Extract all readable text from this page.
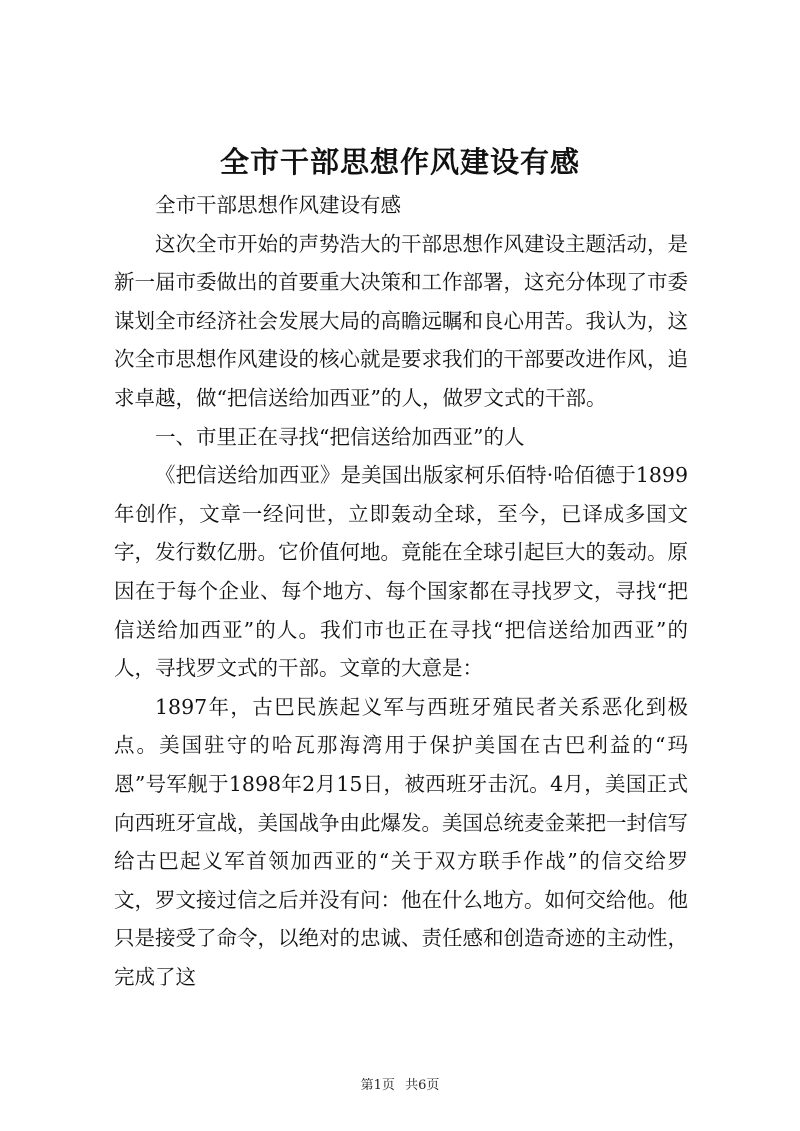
全市干部思想作风建设有感

全市干部思想作风建设有感

这次全市开始的声势浩大的干部思想作风建设主题活动，是新一届市委做出的首要重大决策和工作部署，这充分体现了市委谋划全市经济社会发展大局的高瞻远瞩和良心用苦。我认为，这次全市思想作风建设的核心就是要求我们的干部要改进作风，追求卓越，做“把信送给加西亚”的人，做罗文式的干部。

一、市里正在寻找“把信送给加西亚”的人

《把信送给加西亚》是美国出版家柯乐佰特·哈佰德于1899年创作，文章一经问世，立即轰动全球，至今，已译成多国文字，发行数亿册。它价值何地。竟能在全球引起巨大的轰动。原因在于每个企业、每个地方、每个国家都在寻找罗文，寻找“把信送给加西亚”的人。我们市也正在寻找“把信送给加西亚”的人，寻找罗文式的干部。文章的大意是：

1897年，古巴民族起义军与西班牙殖民者关系恶化到极点。美国驻守的哈瓦那海湾用于保护美国在古巴利益的“玛恩”号军舰于1898年2月15日，被西班牙击沉。4月，美国正式向西班牙宣战，美国战争由此爆发。美国总统麦金莱把一封信写给古巴起义军首领加西亚的“关于双方联手作战”的信交给罗文，罗文接过信之后并没有问：他在什么地方。如何交给他。他只是接受了命令，以绝对的忠诚、责任感和创造奇迹的主动性，完成了这

第1页 共6页
